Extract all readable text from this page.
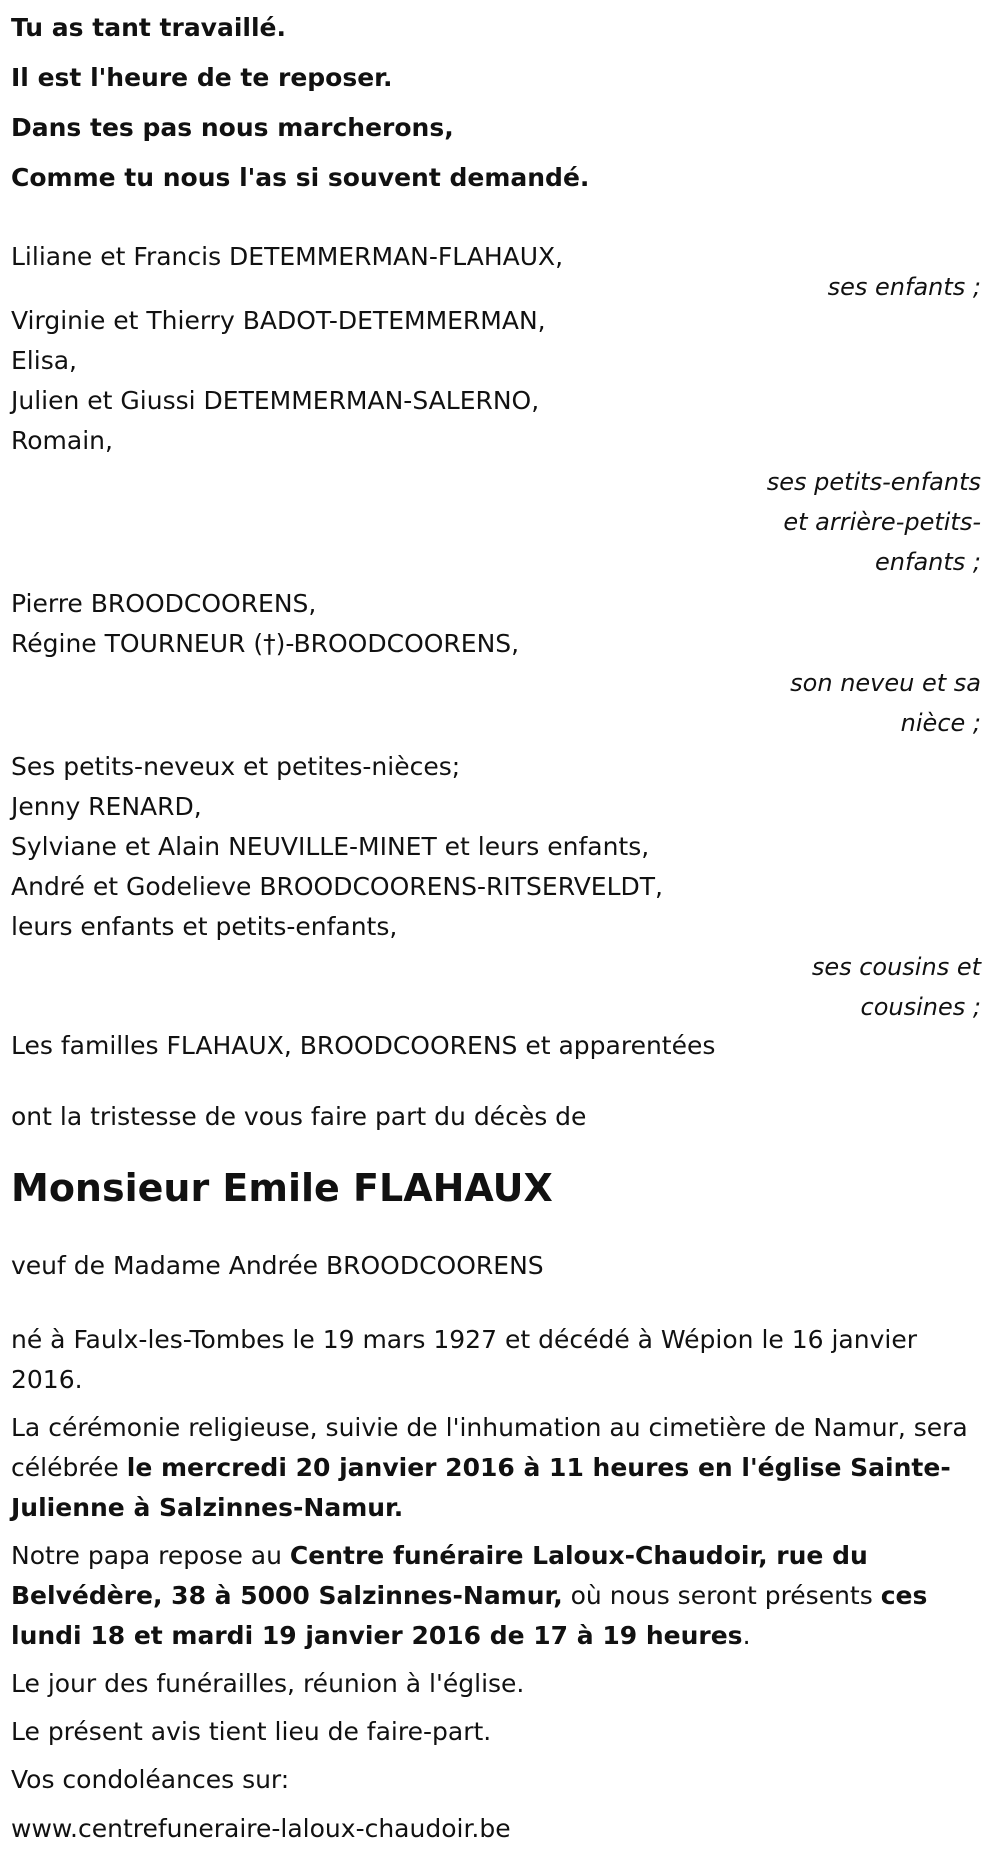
Tu as tant travaillé.
Il est l'heure de te reposer.
Dans tes pas nous marcherons,
Comme tu nous l'as si souvent demandé.
Liliane et Francis DETEMMERMAN-FLAHAUX,
ses enfants ;
Virginie et Thierry BADOT-DETEMMERMAN,
Elisa,
Julien et Giussi DETEMMERMAN-SALERNO,
Romain,
ses petits-enfants
et arrière-petits-
enfants ;
Pierre BROODCOORENS,
Régine TOURNEUR (†)-BROODCOORENS,
son neveu et sa
nièce ;
Ses petits-neveux et petites-nièces;
Jenny RENARD,
Sylviane et Alain NEUVILLE-MINET et leurs enfants,
André et Godelieve BROODCOORENS-RITSERVELDT,
leurs enfants et petits-enfants,
ses cousins et
cousines ;
Les familles FLAHAUX, BROODCOORENS et apparentées
ont la tristesse de vous faire part du décès de
Monsieur Emile FLAHAUX
veuf de Madame Andrée BROODCOORENS
né à Faulx-les-Tombes le 19 mars 1927 et décédé à Wépion le 16 janvier 2016.
La cérémonie religieuse, suivie de l'inhumation au cimetière de Namur, sera célébrée le mercredi 20 janvier 2016 à 11 heures en l'église Sainte-Julienne à Salzinnes-Namur.
Notre papa repose au Centre funéraire Laloux-Chaudoir, rue du Belvédère, 38 à 5000 Salzinnes-Namur, où nous seront présents ces lundi 18 et mardi 19 janvier 2016 de 17 à 19 heures.
Le jour des funérailles, réunion à l'église.
Le présent avis tient lieu de faire-part.
Vos condoléances sur:
www.centrefuneraire-laloux-chaudoir.be
